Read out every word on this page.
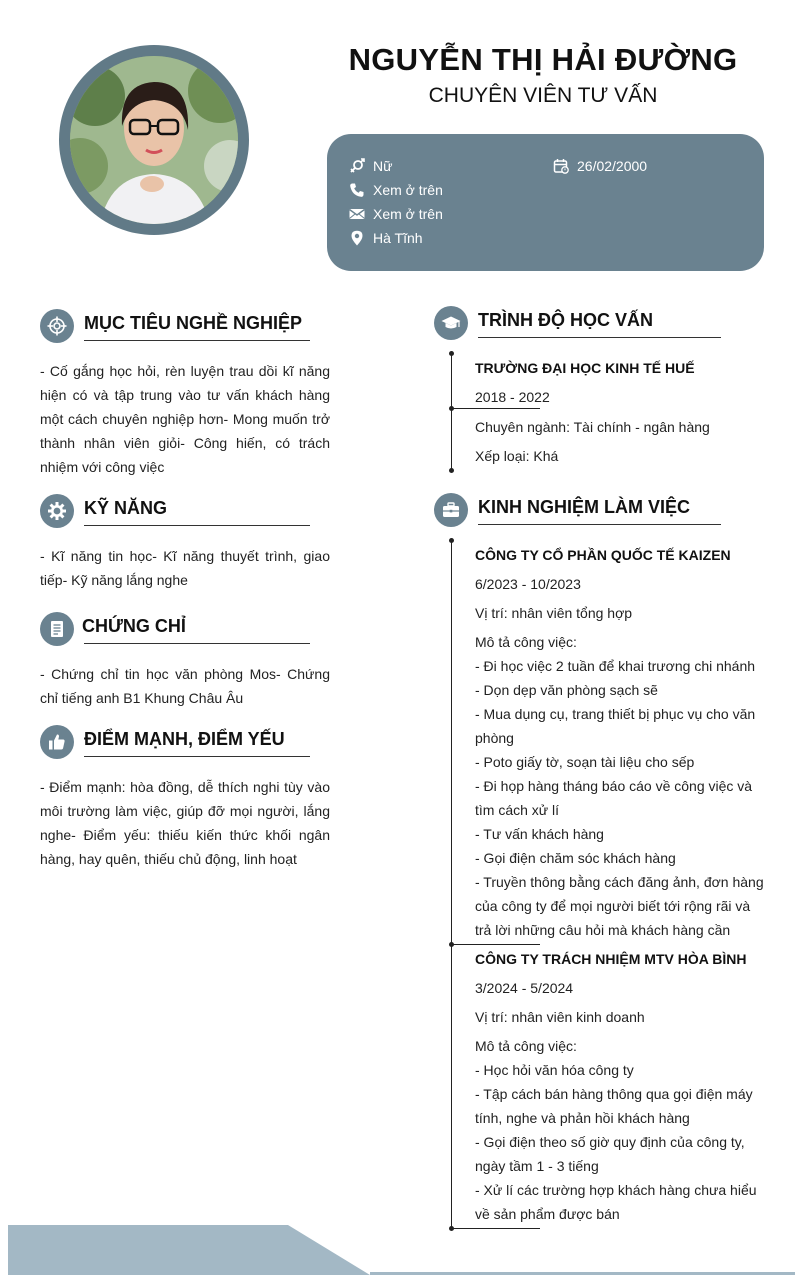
NGUYỄN THỊ HẢI ĐƯỜNG
CHUYÊN VIÊN TƯ VẤN
Nữ	26/02/2000
Xem ở trên
Xem ở trên
Hà Tĩnh
MỤC TIÊU NGHỀ NGHIỆP
- Cố gắng học hỏi, rèn luyện trau dồi kĩ năng hiện có và tập trung vào tư vấn khách hàng một cách chuyên nghiệp hơn- Mong muốn trở thành nhân viên giỏi- Công hiến, có trách nhiệm với công việc
KỸ NĂNG
- Kĩ năng tin học- Kĩ năng thuyết trình, giao tiếp- Kỹ năng lắng nghe
CHỨNG CHỈ
- Chứng chỉ tin học văn phòng Mos- Chứng chỉ tiếng anh B1 Khung Châu Âu
ĐIỂM MẠNH, ĐIỂM YẾU
- Điểm mạnh: hòa đồng, dễ thích nghi tùy vào môi trường làm việc, giúp đỡ mọi người, lắng nghe- Điểm yếu: thiếu kiến thức khối ngân hàng, hay quên, thiếu chủ động, linh hoạt
TRÌNH ĐỘ HỌC VẤN
TRƯỜNG ĐẠI HỌC KINH TẾ HUẾ
2018 - 2022
Chuyên ngành: Tài chính - ngân hàng
Xếp loại: Khá
KINH NGHIỆM LÀM VIỆC
CÔNG TY CỔ PHẦN QUỐC TẾ KAIZEN
6/2023 - 10/2023
Vị trí: nhân viên tổng hợp
Mô tả công việc:
- Đi học việc 2 tuần để khai trương chi nhánh
- Dọn dẹp văn phòng sạch sẽ
- Mua dụng cụ, trang thiết bị phục vụ cho văn phòng
- Poto giấy tờ, soạn tài liệu cho sếp
- Đi họp hàng tháng báo cáo về công việc và tìm cách xử lí
- Tư vấn khách hàng
- Gọi điện chăm sóc khách hàng
- Truyền thông bằng cách đăng ảnh, đơn hàng của công ty để mọi người biết tới rộng rãi và trả lời những câu hỏi mà khách hàng cần
CÔNG TY TRÁCH NHIỆM MTV HÒA BÌNH
3/2024 - 5/2024
Vị trí: nhân viên kinh doanh
Mô tả công việc:
- Học hỏi văn hóa công ty
- Tập cách bán hàng thông qua gọi điện máy tính, nghe và phản hồi khách hàng
- Gọi điện theo số giờ quy định của công ty, ngày tầm 1 - 3 tiếng
- Xử lí các trường hợp khách hàng chưa hiểu về sản phẩm được bán
